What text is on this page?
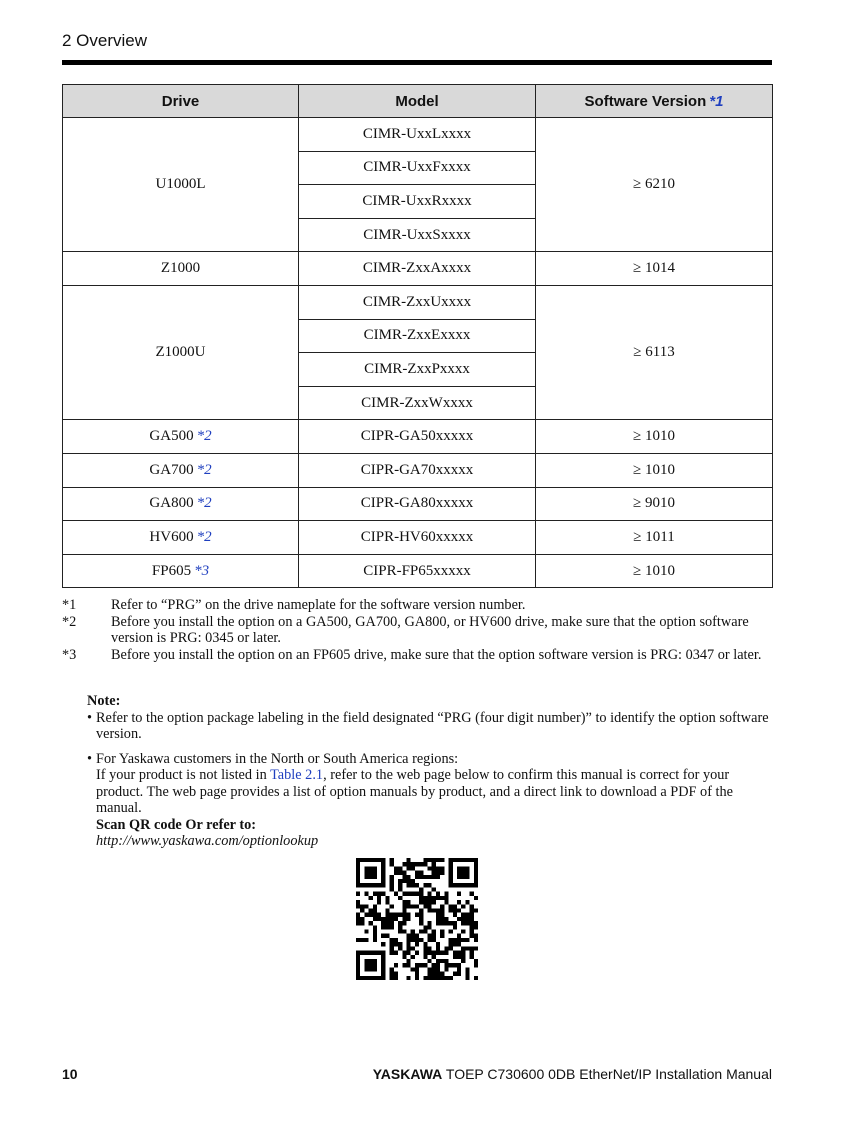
2 Overview
Drive	Model	Software Version *1
U1000L	CIMR-UxxLxxxx	≥ 6210
	CIMR-UxxFxxxx	
	CIMR-UxxRxxxx	
	CIMR-UxxSxxxx	
Z1000	CIMR-ZxxAxxxx	≥ 1014
Z1000U	CIMR-ZxxUxxxx	≥ 6113
	CIMR-ZxxExxxx	
	CIMR-ZxxPxxxx	
	CIMR-ZxxWxxxx	
GA500 *2	CIPR-GA50xxxxx	≥ 1010
GA700 *2	CIPR-GA70xxxxx	≥ 1010
GA800 *2	CIPR-GA80xxxxx	≥ 9010
HV600 *2	CIPR-HV60xxxxx	≥ 1011
FP605 *3	CIPR-FP65xxxxx	≥ 1010
*1	Refer to “PRG” on the drive nameplate for the software version number.
*2	Before you install the option on a GA500, GA700, GA800, or HV600 drive, make sure that the option software version is PRG: 0345 or later.
*3	Before you install the option on an FP605 drive, make sure that the option software version is PRG: 0347 or later.
Note:
• Refer to the option package labeling in the field designated “PRG (four digit number)” to identify the option software version.
• For Yaskawa customers in the North or South America regions:
If your product is not listed in Table 2.1, refer to the web page below to confirm this manual is correct for your product. The web page provides a list of option manuals by product, and a direct link to download a PDF of the manual.
Scan QR code Or refer to:
http://www.yaskawa.com/optionlookup
10	YASKAWA TOEP C730600 0DB EtherNet/IP Installation Manual
